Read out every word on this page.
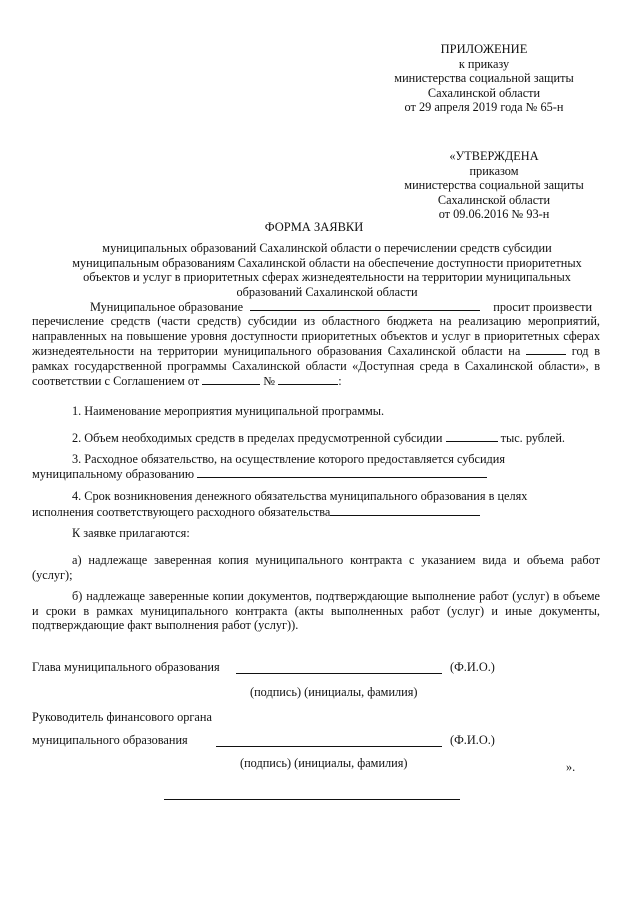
ПРИЛОЖЕНИЕ
к приказу
министерства социальной защиты
Сахалинской области
от 29 апреля 2019 года № 65-н
«УТВЕРЖДЕНА
приказом
министерства социальной защиты
Сахалинской области
от 09.06.2016 № 93-н
ФОРМА ЗАЯВКИ
муниципальных образований Сахалинской области о перечислении средств субсидии муниципальным образованиям Сахалинской области на обеспечение доступности приоритетных объектов и услуг в приоритетных сферах жизнедеятельности на территории муниципальных образований Сахалинской области
Муниципальное образование	просит произвести
перечисление средств (части средств) субсидии из областного бюджета на реализацию мероприятий, направленных на повышение уровня доступности приоритетных объектов и услуг в приоритетных сферах жизнедеятельности на территории муниципального образования Сахалинской области на	год в рамках государственной программы Сахалинской области «Доступная среда в Сахалинской области», в соответствии с Соглашением от	№	:
1. Наименование мероприятия муниципальной программы.
2. Объем необходимых средств в пределах предусмотренной субсидии	тыс. рублей.
3. Расходное обязательство, на осуществление которого предоставляется субсидия
муниципальному образованию
4. Срок возникновения денежного обязательства муниципального образования в целях
исполнения соответствующего расходного обязательства
К заявке прилагаются:
а) надлежаще заверенная копия муниципального контракта с указанием вида и объема работ (услуг);
б) надлежаще заверенные копии документов, подтверждающие выполнение работ (услуг) в объеме и сроки в рамках муниципального контракта (акты выполненных работ (услуг) и иные документы, подтверждающие факт выполнения работ (услуг)).
Глава муниципального образования	(Ф.И.О.)
(подпись) (инициалы, фамилия)
Руководитель финансового органа
муниципального образования	(Ф.И.О.)
(подпись) (инициалы, фамилия)	».
